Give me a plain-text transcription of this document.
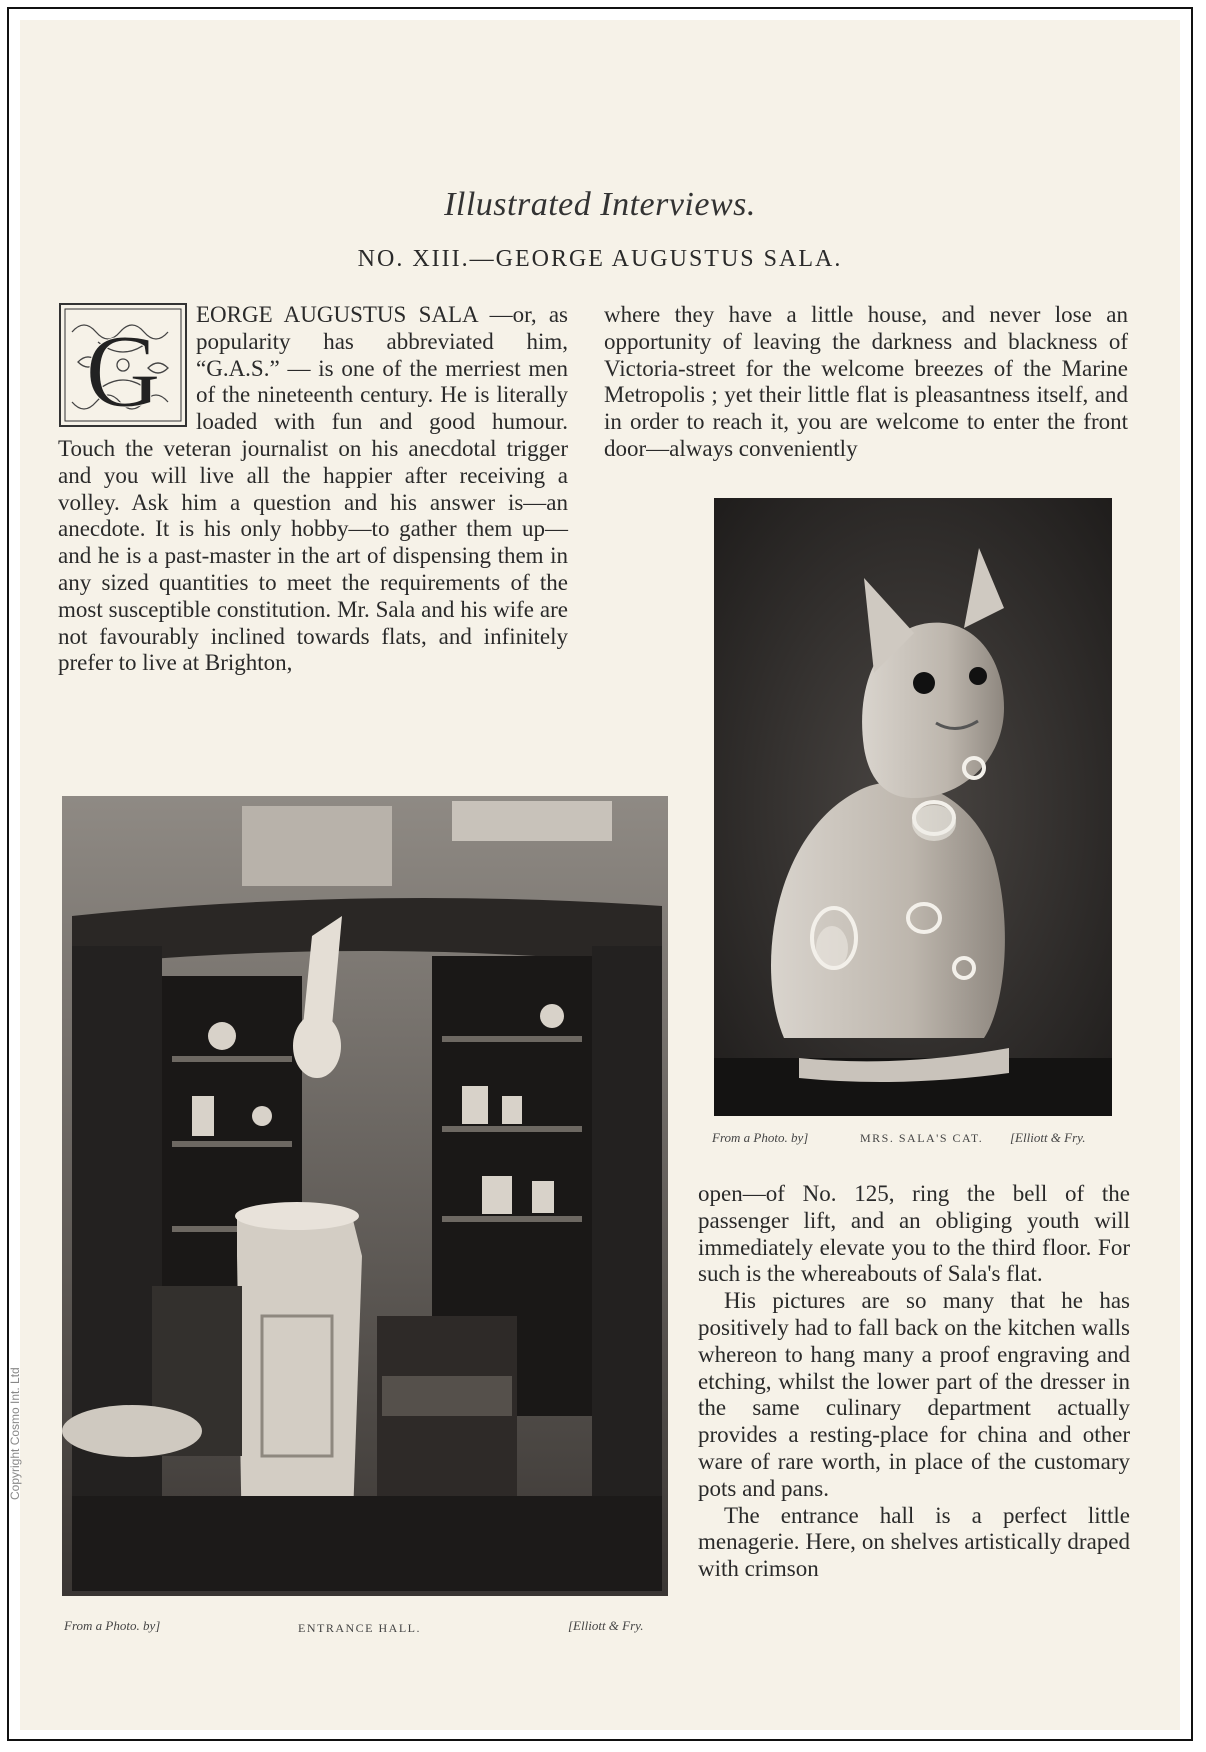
Illustrated Interviews.
NO. XIII.—GEORGE AUGUSTUS SALA.
G EORGE AUGUSTUS SALA —or, as popularity has abbreviated him, “G.A.S.” — is one of the merriest men of the nineteenth century. He is literally loaded with fun and good humour. Touch the veteran journalist on his anecdotal trigger and you will live all the happier after receiving a volley. Ask him a question and his answer is—an anecdote. It is his only hobby—to gather them up—and he is a past-master in the art of dispensing them in any sized quantities to meet the requirements of the most susceptible constitution. Mr. Sala and his wife are not favourably inclined towards flats, and infinitely prefer to live at Brighton,

where they have a little house, and never lose an opportunity of leaving the darkness and blackness of Victoria-street for the welcome breezes of the Marine Metropolis ; yet their little flat is pleasantness itself, and in order to reach it, you are welcome to enter the front door—always conveniently

From a Photo. by]	MRS. SALA'S CAT. [Elliott & Fry.

open—of No. 125, ring the bell of the passenger lift, and an obliging youth will immediately elevate you to the third floor. For such is the whereabouts of Sala's flat.

His pictures are so many that he has positively had to fall back on the kitchen walls whereon to hang many a proof engraving and etching, whilst the lower part of the dresser in the same culinary department actually provides a resting-place for china and other ware of rare worth, in place of the customary pots and pans.

The entrance hall is a perfect little menagerie. Here, on shelves artistically draped with crimson

From a Photo. by]	ENTRANCE HALL.	[Elliott & Fry.
Copyright Cosmo Int. Ltd
